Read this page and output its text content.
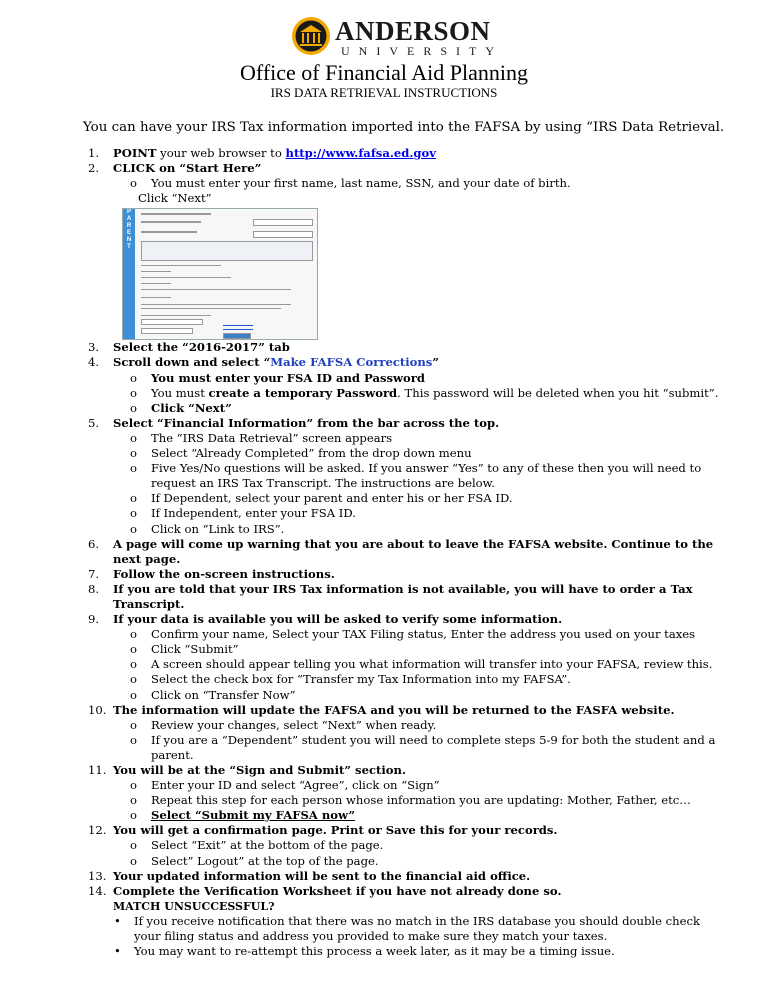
ANDERSON
UNIVERSITY
Office of Financial Aid Planning
IRS DATA RETRIEVAL INSTRUCTIONS
You can have your IRS Tax information imported into the FAFSA by using “IRS Data Retrieval.
1.	POINT your web browser to http://www.fafsa.ed.gov
2.	CLICK on “Start Here”
o	You must enter your first name, last name, SSN, and your date of birth.
Click “Next”
P
A
R
E
N
T
3.	Select the “2016-2017” tab
4.	Scroll down and select “Make FAFSA Corrections”
o	You must enter your FSA ID and Password
o	You must create a temporary Password. This password will be deleted when you hit “submit”.
o	Click “Next”
5.	Select “Financial Information” from the bar across the top.
o	The “IRS Data Retrieval” screen appears
o	Select “Already Completed” from the drop down menu
o	Five Yes/No questions will be asked. If you answer “Yes” to any of these then you will need to request an IRS Tax Transcript. The instructions are below.
o	If Dependent, select your parent and enter his or her FSA ID.
o	If Independent, enter your FSA ID.
o	Click on “Link to IRS”.
6.	A page will come up warning that you are about to leave the FAFSA website. Continue to the next page.
7.	Follow the on-screen instructions.
8.	If you are told that your IRS Tax information is not available, you will have to order a Tax Transcript.
9.	If your data is available you will be asked to verify some information.
o	Confirm your name, Select your TAX Filing status, Enter the address you used on your taxes
o	Click “Submit”
o	A screen should appear telling you what information will transfer into your FAFSA, review this.
o	Select the check box for “Transfer my Tax Information into my FAFSA”.
o	Click on “Transfer Now”
10. The information will update the FAFSA and you will be returned to the FASFA website.
o	Review your changes, select “Next” when ready.
o	If you are a “Dependent” student you will need to complete steps 5-9 for both the student and a parent.
11. You will be at the “Sign and Submit” section.
o	Enter your ID and select “Agree”, click on “Sign”
o	Repeat this step for each person whose information you are updating: Mother, Father, etc…
o	Select “Submit my FAFSA now”
12. You will get a confirmation page. Print or Save this for your records.
o	Select “Exit” at the bottom of the page.
o	Select” Logout” at the top of the page.
13. Your updated information will be sent to the financial aid office.
14. Complete the Verification Worksheet if you have not already done so.
MATCH UNSUCCESSFUL?
•	If you receive notification that there was no match in the IRS database you should double check your filing status and address you provided to make sure they match your taxes.
•	You may want to re-attempt this process a week later, as it may be a timing issue.
